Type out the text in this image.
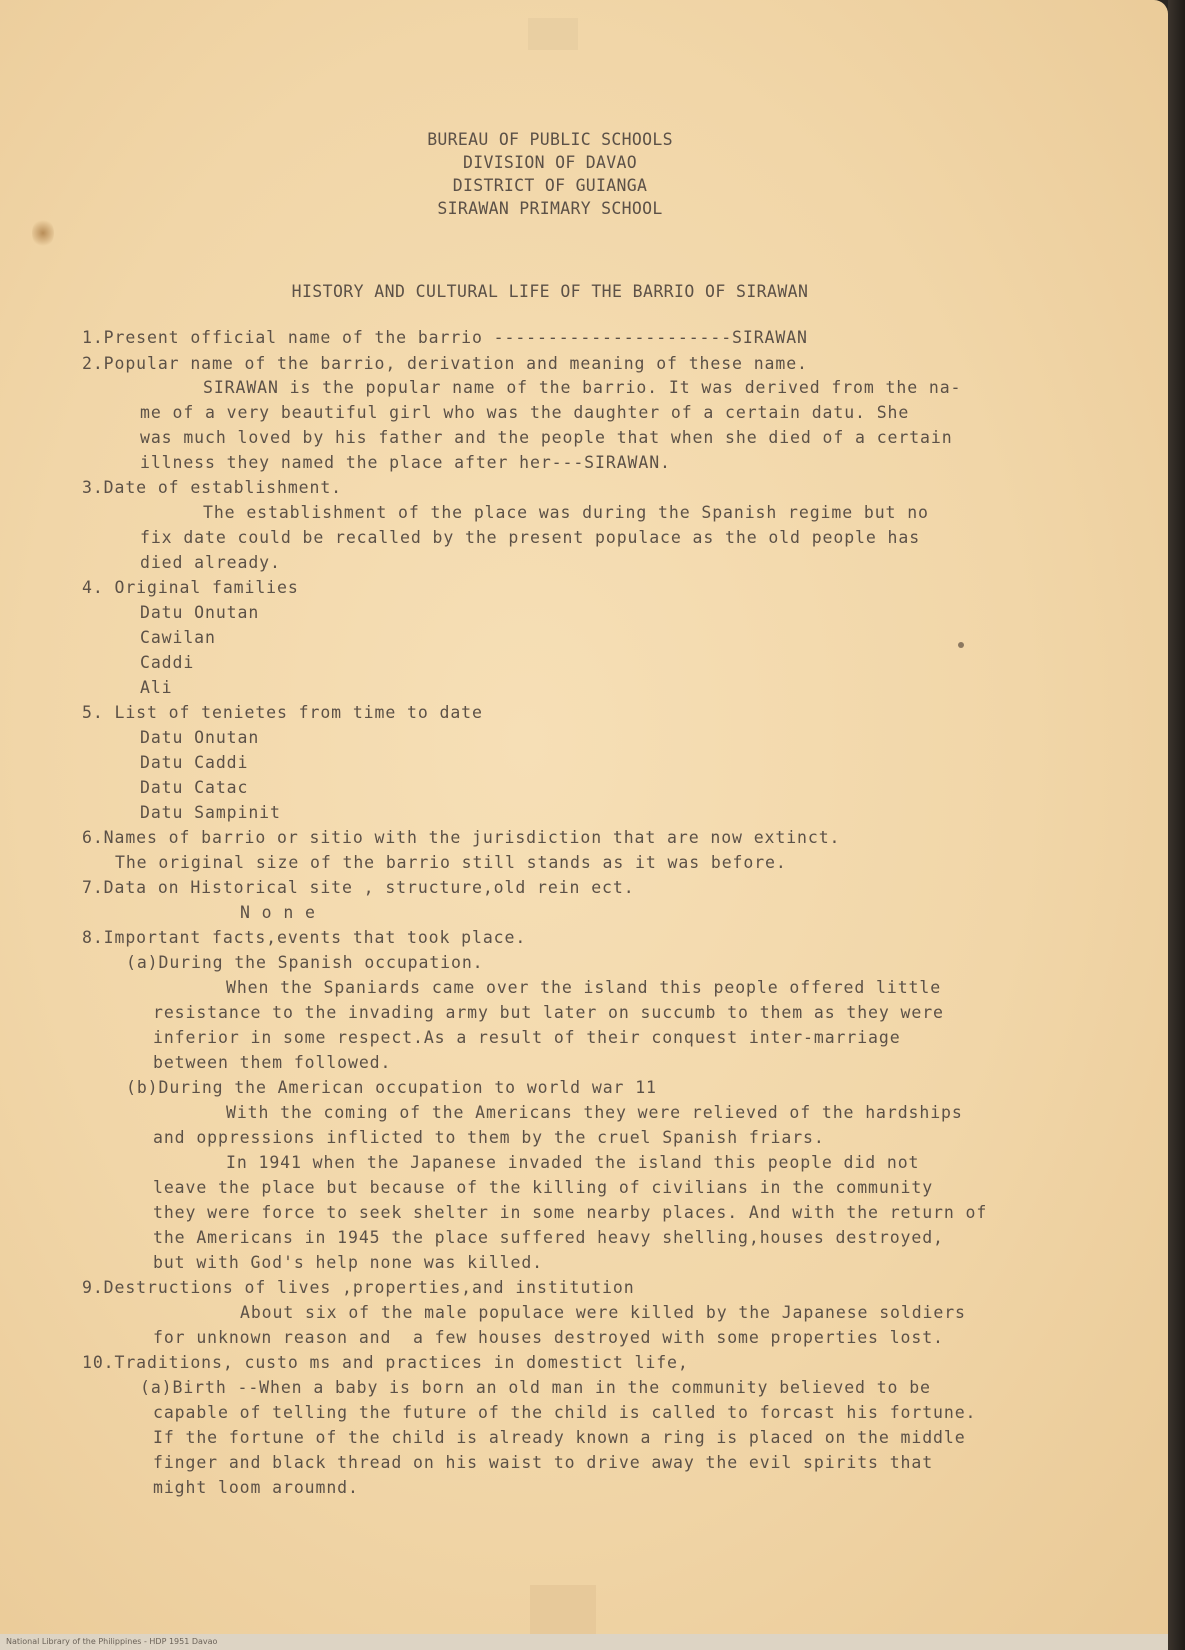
BUREAU OF PUBLIC SCHOOLS
DIVISION OF DAVAO
DISTRICT OF GUIANGA
SIRAWAN PRIMARY SCHOOL
HISTORY AND CULTURAL LIFE OF THE BARRIO OF SIRAWAN
1.Present official name of the barrio ----------------------SIRAWAN
2.Popular name of the barrio, derivation and meaning of these name.
SIRAWAN is the popular name of the barrio. It was derived from the na-
me of a very beautiful girl who was the daughter of a certain datu. She
was much loved by his father and the people that when she died of a certain
illness they named the place after her---SIRAWAN.
3.Date of establishment.
The establishment of the place was during the Spanish regime but no
fix date could be recalled by the present populace as the old people has
died already.
4. Original families
Datu Onutan
Cawilan
Caddi
Ali
5. List of tenietes from time to date
Datu Onutan
Datu Caddi
Datu Catac
Datu Sampinit
6.Names of barrio or sitio with the jurisdiction that are now extinct.
The original size of the barrio still stands as it was before.
7.Data on Historical site , structure,old rein ect.
N o n e
8.Important facts,events that took place.
(a)During the Spanish occupation.
When the Spaniards came over the island this people offered little
resistance to the invading army but later on succumb to them as they were
inferior in some respect.As a result of their conquest inter-marriage
between them followed.
(b)During the American occupation to world war 11
With the coming of the Americans they were relieved of the hardships
and oppressions inflicted to them by the cruel Spanish friars.
In 1941 when the Japanese invaded the island this people did not
leave the place but because of the killing of civilians in the community
they were force to seek shelter in some nearby places. And with the return of
the Americans in 1945 the place suffered heavy shelling,houses destroyed,
but with God's help none was killed.
9.Destructions of lives ,properties,and institution
About six of the male populace were killed by the Japanese soldiers
for unknown reason and  a few houses destroyed with some properties lost.
10.Traditions, custo ms and practices in domestict life,
(a)Birth --When a baby is born an old man in the community believed to be
capable of telling the future of the child is called to forcast his fortune.
If the fortune of the child is already known a ring is placed on the middle
finger and black thread on his waist to drive away the evil spirits that
might loom aroumnd.
National Library of the Philippines - HDP 1951 Davao
